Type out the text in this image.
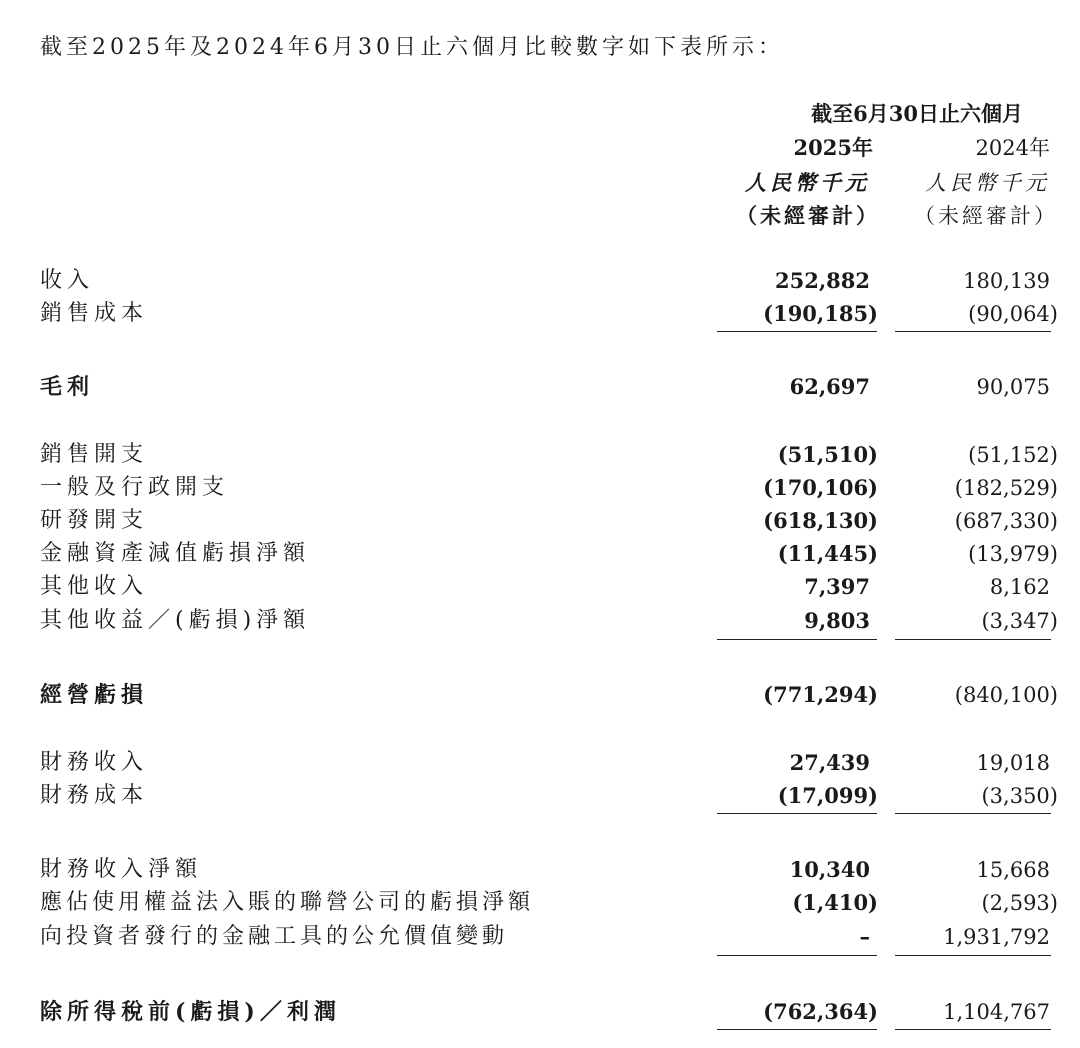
截至2025年及2024年6月30日止六個月比較數字如下表所示：
截至6月30日止六個月
2025年	2024年
人民幣千元	人民幣千元
（未經審計） （未經審計）
收入	252,882	180,139
銷售成本	(190,185)	(90,064)
毛利	62,697	90,075
銷售開支	(51,510)	(51,152)
一般及行政開支	(170,106)	(182,529)
研發開支	(618,130)	(687,330)
金融資產減值虧損淨額	(11,445)	(13,979)
其他收入	7,397	8,162
其他收益／(虧損)淨額	9,803	(3,347)
經營虧損	(771,294)	(840,100)
財務收入	27,439	19,018
財務成本	(17,099)	(3,350)
財務收入淨額	10,340	15,668
應佔使用權益法入賬的聯營公司的虧損淨額	(1,410)	(2,593)
向投資者發行的金融工具的公允價值變動	–	1,931,792
除所得稅前(虧損)／利潤	(762,364)	1,104,767
